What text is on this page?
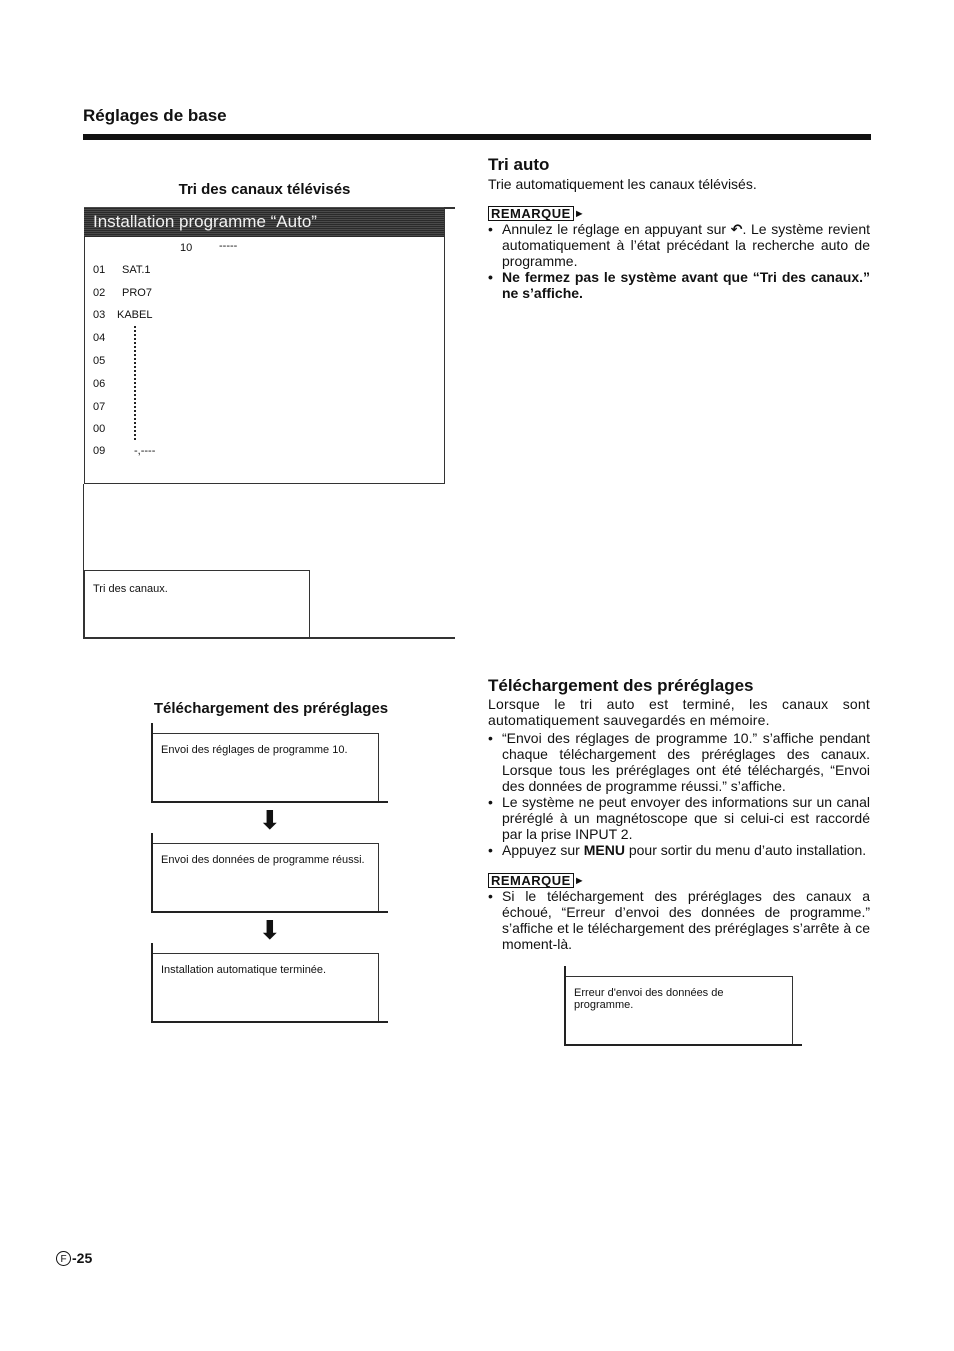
Réglages de base
Tri des canaux télévisés
Installation programme “Auto”
10 -----
01 SAT.1
02 PRO7
03 KABEL
04
05
06
07
00
09	-,----
Tri des canaux.
Téléchargement des préréglages
Envoi des réglages de programme 10.
⬇
Envoi des données de programme réussi.
⬇
Installation automatique terminée.
Tri auto
Trie automatiquement les canaux télévisés.
REMARQUE ►
• Annulez le réglage en appuyant sur ↶. Le système revient automatiquement à l’état précédant la recherche auto de programme.
• Ne fermez pas le système avant que “Tri des canaux.” ne s’affiche.
Téléchargement des préréglages
Lorsque le tri auto est terminé, les canaux sont automatiquement sauvegardés en mémoire.
• “Envoi des réglages de programme 10.” s’affiche pendant chaque téléchargement des préréglages des canaux. Lorsque tous les préréglages ont été téléchargés, “Envoi des données de programme réussi.” s’affiche.
• Le système ne peut envoyer des informations sur un canal préréglé à un magnétoscope que si celui-ci est raccordé par la prise INPUT 2.
• Appuyez sur MENU pour sortir du menu d’auto installation.
REMARQUE ►
• Si le téléchargement des préréglages des canaux a échoué, “Erreur d’envoi des données de programme.” s’affiche et le téléchargement des préréglages s’arrête à ce moment-là.
Erreur d'envoi des données de programme.
F -25
